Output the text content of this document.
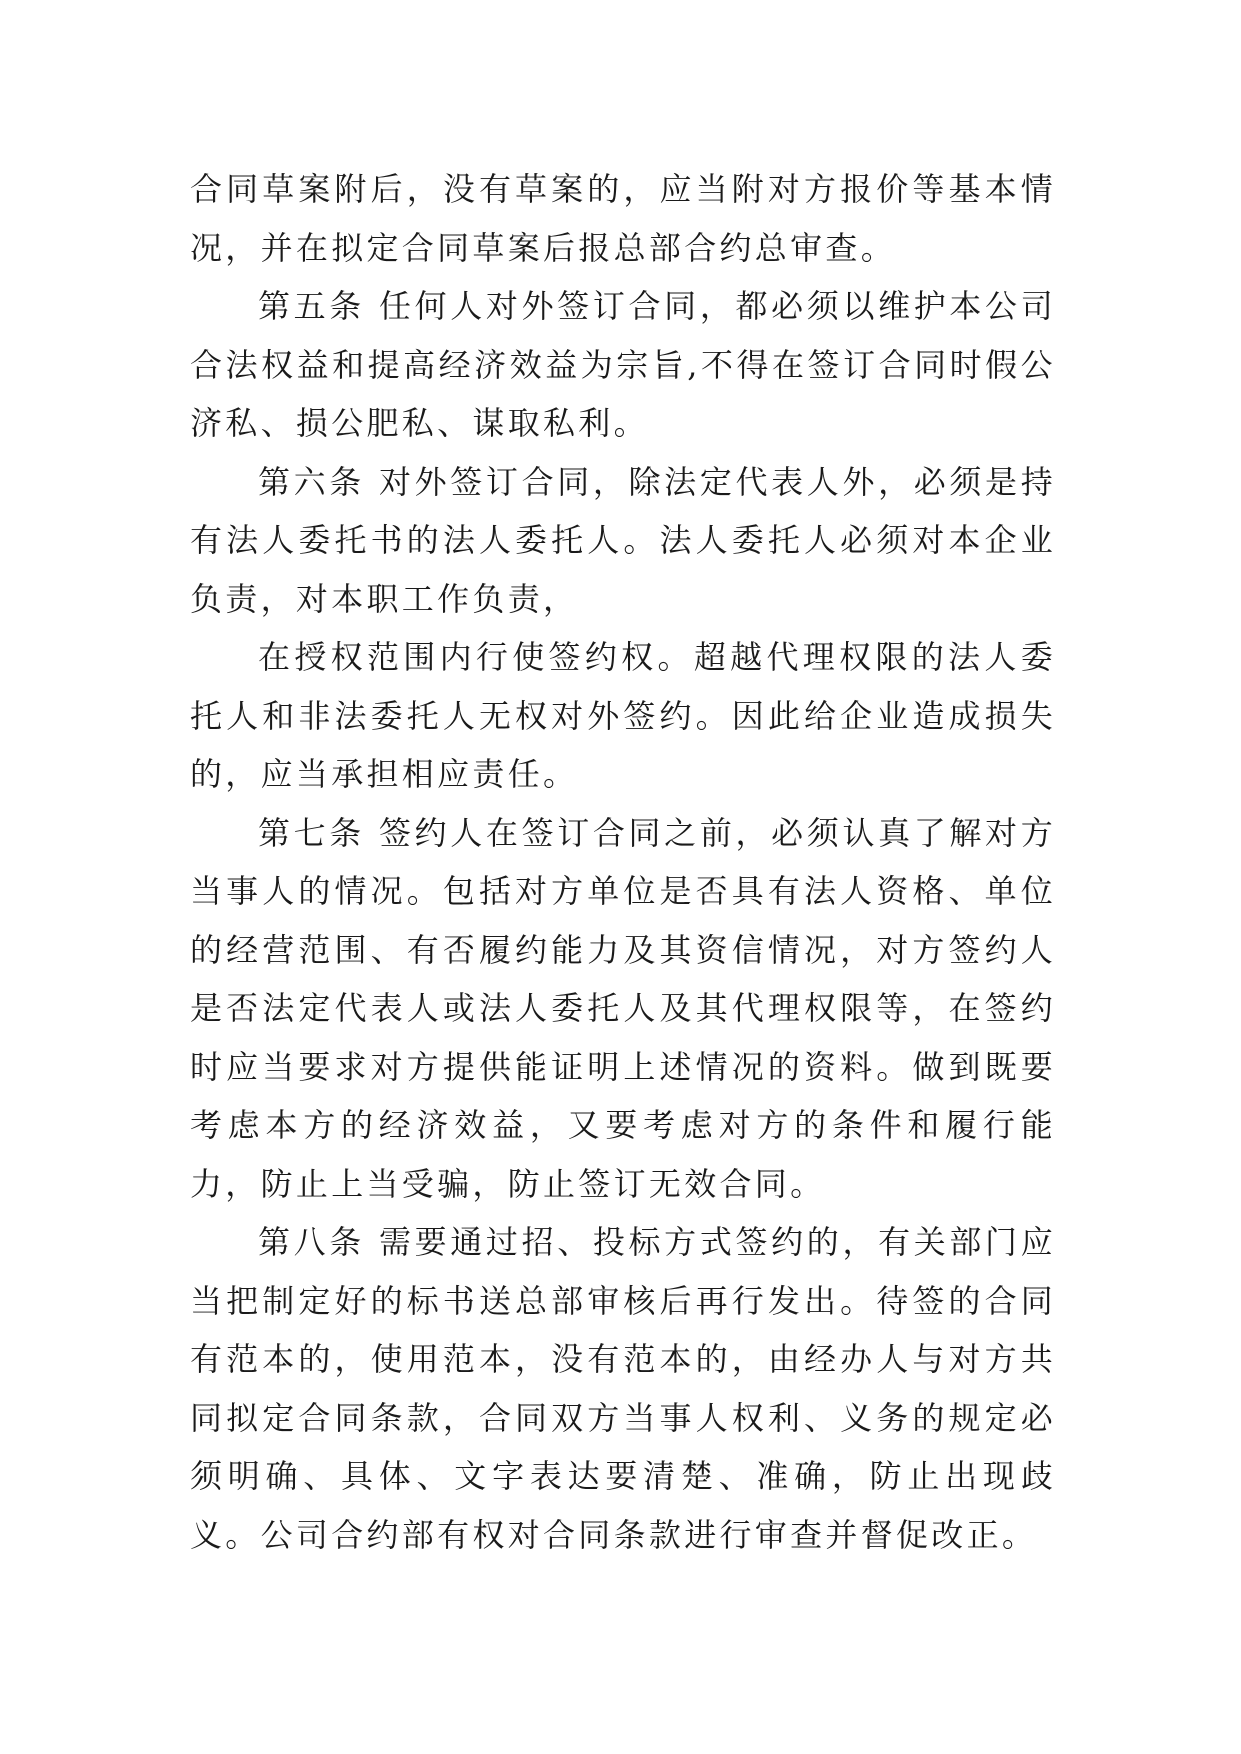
合同草案附后，没有草案的，应当附对方报价等基本情况，并在拟定合同草案后报总部合约总审查。

第五条 任何人对外签订合同，都必须以维护本公司合法权益和提高经济效益为宗旨,不得在签订合同时假公济私、损公肥私、谋取私利。

第六条 对外签订合同，除法定代表人外，必须是持有法人委托书的法人委托人。法人委托人必须对本企业负责，对本职工作负责，

在授权范围内行使签约权。超越代理权限的法人委托人和非法委托人无权对外签约。因此给企业造成损失的，应当承担相应责任。

第七条 签约人在签订合同之前，必须认真了解对方当事人的情况。包括对方单位是否具有法人资格、单位的经营范围、有否履约能力及其资信情况，对方签约人是否法定代表人或法人委托人及其代理权限等，在签约时应当要求对方提供能证明上述情况的资料。做到既要考虑本方的经济效益，又要考虑对方的条件和履行能力，防止上当受骗，防止签订无效合同。

第八条 需要通过招、投标方式签约的，有关部门应当把制定好的标书送总部审核后再行发出。待签的合同有范本的，使用范本，没有范本的，由经办人与对方共同拟定合同条款，合同双方当事人权利、义务的规定必须明确、具体、文字表达要清楚、准确，防止出现歧义。公司合约部有权对合同条款进行审查并督促改正。
